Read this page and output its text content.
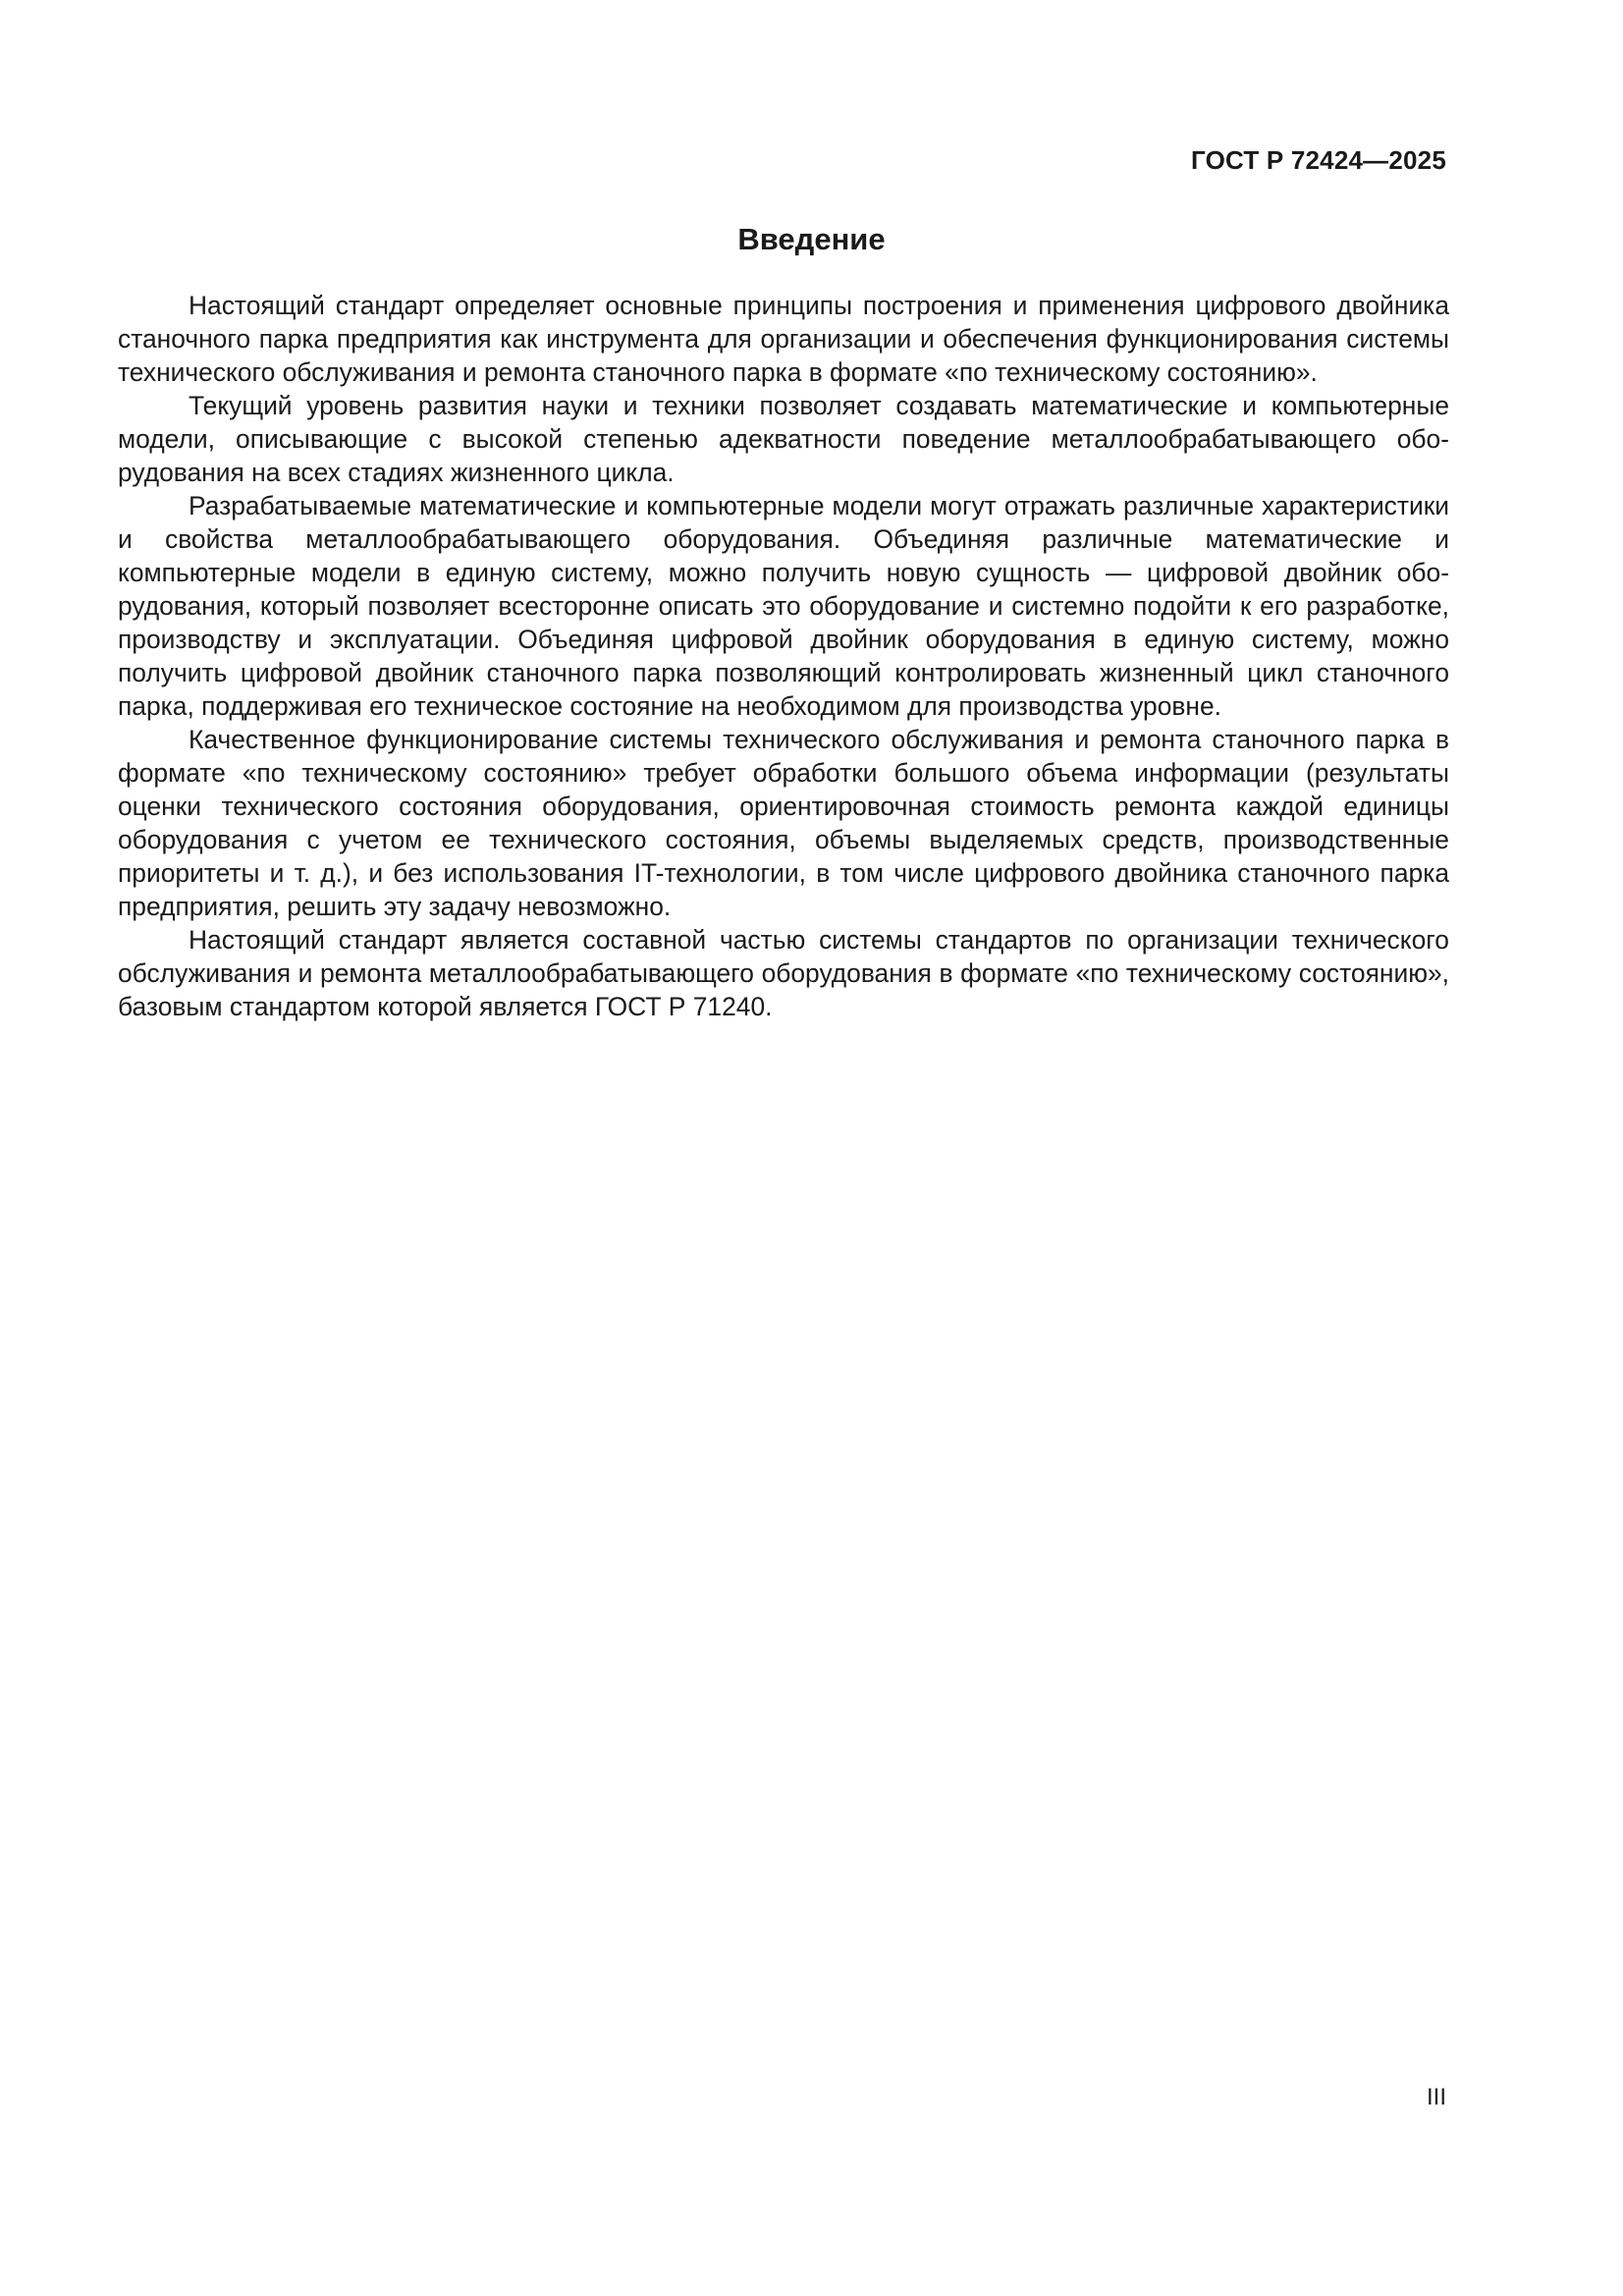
ГОСТ Р 72424—2025
Введение

Настоящий стандарт определяет основные принципы построения и применения цифрового двойника станочного парка предприятия как инструмента для организации и обеспечения функционирования системы технического обслуживания и ремонта станочного парка в формате «по техническому состоянию».

Текущий уровень развития науки и техники позволяет создавать математические и компьютерные модели, описывающие с высокой степенью адекватности поведение металлообрабатывающего оборудования на всех стадиях жизненного цикла.

Разрабатываемые математические и компьютерные модели могут отражать различные характеристики и свойства металлообрабатывающего оборудования. Объединяя различные математические и компьютерные модели в единую систему, можно получить новую сущность — цифровой двойник оборудования, который позволяет всесторонне описать это оборудование и системно подойти к его разработке, производству и эксплуатации. Объединяя цифровой двойник оборудования в единую систему, можно получить цифровой двойник станочного парка позволяющий контролировать жизненный цикл станочного парка, поддерживая его техническое состояние на необходимом для производства уровне.

Качественное функционирование системы технического обслуживания и ремонта станочного парка в формате «по техническому состоянию» требует обработки большого объема информации (результаты оценки технического состояния оборудования, ориентировочная стоимость ремонта каждой единицы оборудования с учетом ее технического состояния, объемы выделяемых средств, производственные приоритеты и т. д.), и без использования IT-технологии, в том числе цифрового двойника станочного парка предприятия, решить эту задачу невозможно.

Настоящий стандарт является составной частью системы стандартов по организации технического обслуживания и ремонта металлообрабатывающего оборудования в формате «по техническому состоянию», базовым стандартом которой является ГОСТ Р 71240.

III
